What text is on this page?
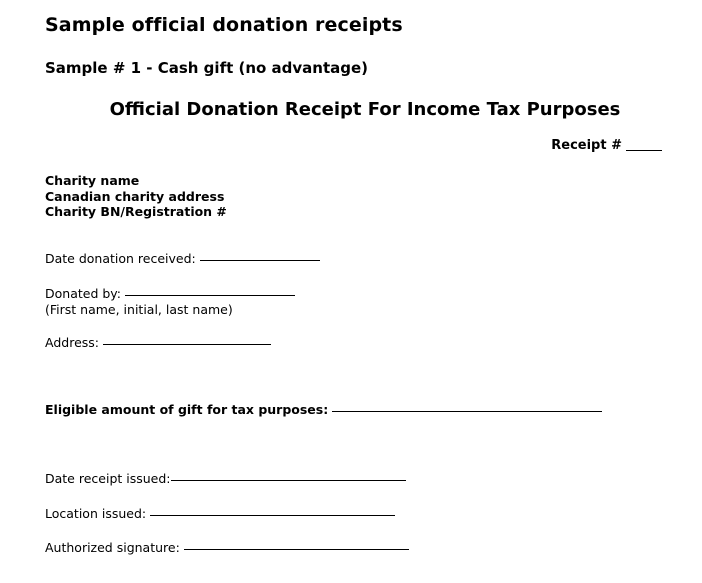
Sample official donation receipts
Sample # 1 - Cash gift (no advantage)
Official Donation Receipt For Income Tax Purposes
Receipt #
Charity name
Canadian charity address
Charity BN/Registration #
Date donation received:
Donated by:
(First name, initial, last name)
Address:
Eligible amount of gift for tax purposes:
Date receipt issued:
Location issued:
Authorized signature:
